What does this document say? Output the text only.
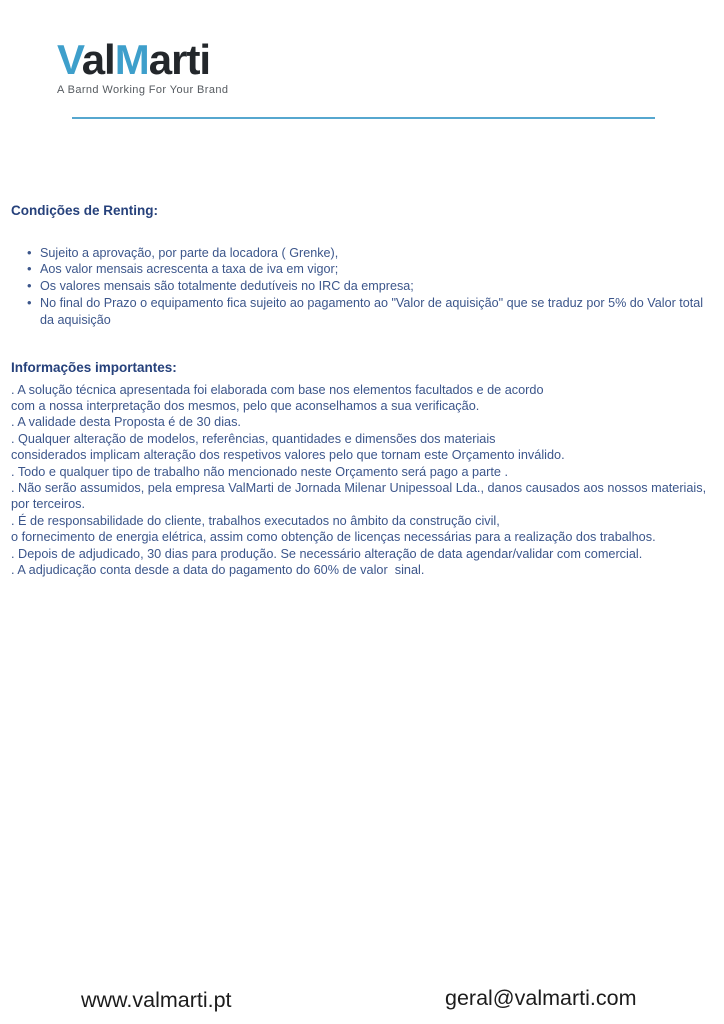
ValMarti
A Barnd Working For Your Brand
Condições de Renting:
• Sujeito a aprovação, por parte da locadora ( Grenke),
• Aos valor mensais acrescenta a taxa de iva em vigor;
• Os valores mensais são totalmente dedutíveis no IRC da empresa;
• No final do Prazo o equipamento fica sujeito ao pagamento ao "Valor de aquisição" que se traduz por 5% do Valor total da aquisição
Informações importantes:
. A solução técnica apresentada foi elaborada com base nos elementos facultados e de acordo
com a nossa interpretação dos mesmos, pelo que aconselhamos a sua verificação.
. A validade desta Proposta é de 30 dias.
. Qualquer alteração de modelos, referências, quantidades e dimensões dos materiais
considerados implicam alteração dos respetivos valores pelo que tornam este Orçamento inválido.
. Todo e qualquer tipo de trabalho não mencionado neste Orçamento será pago a parte .
. Não serão assumidos, pela empresa ValMarti de Jornada Milenar Unipessoal Lda., danos causados aos nossos materiais,
por terceiros.
. É de responsabilidade do cliente, trabalhos executados no âmbito da construção civil,
o fornecimento de energia elétrica, assim como obtenção de licenças necessárias para a realização dos trabalhos.
. Depois de adjudicado, 30 dias para produção. Se necessário alteração de data agendar/validar com comercial.
. A adjudicação conta desde a data do pagamento do 60% de valor  sinal.
www.valmarti.pt	geral@valmarti.com
